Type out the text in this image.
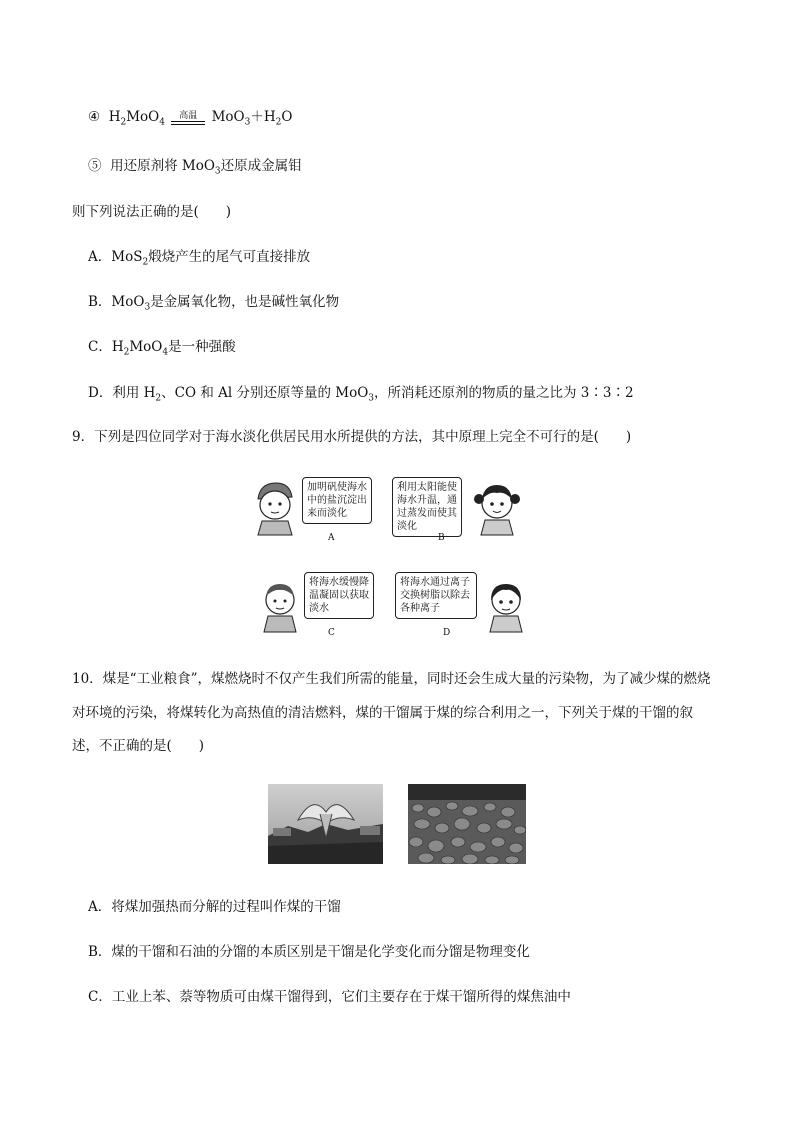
④ $H_2MoO_4$
高温	$MoO_3+H_2O$
⑤ 用还原剂将 MoO$_3$还原成金属钼
则下列说法正确的是(　　)
A．MoS$_2$煅烧产生的尾气可直接排放
B．MoO$_3$是金属氧化物，也是碱性氧化物
C．$H_2MoO_4$是一种强酸
D．利用 $H_2$、CO 和 Al 分别还原等量的 MoO$_3$，所消耗还原剂的物质的量之比为 3∶3∶2
9．下列是四位同学对于海水淡化供居民用水所提供的方法，其中原理上完全不可行的是(　　)
加明矾使海水中的盐沉淀出来而淡化
A
利用太阳能使海水升温，通过蒸发而使其淡化
B
将海水缓慢降温凝固以获取淡水
C
将海水通过离子交换树脂以除去各种离子
D
10．煤是“工业粮食”，煤燃烧时不仅产生我们所需的能量，同时还会生成大量的污染物，为了减少煤的燃烧
对环境的污染，将煤转化为高热值的清洁燃料，煤的干馏属于煤的综合利用之一，下列关于煤的干馏的叙
述，不正确的是(　　)
A．将煤加强热而分解的过程叫作煤的干馏
B．煤的干馏和石油的分馏的本质区别是干馏是化学变化而分馏是物理变化
C．工业上苯、萘等物质可由煤干馏得到，它们主要存在于煤干馏所得的煤焦油中
